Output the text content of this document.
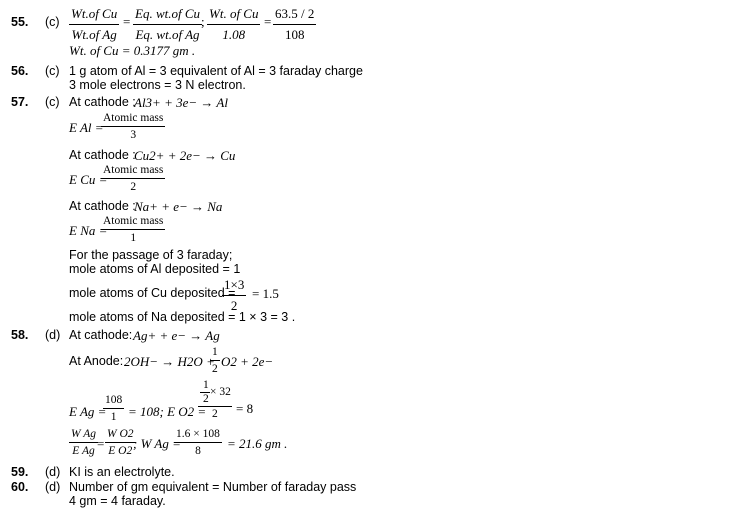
55. $(c) \frac{\text{Wt.of Cu}}{\text{Wt.of Ag}} = \frac{\text{Eq. wt.of Cu}}{\text{Eq. wt.of Ag}}$
; $\frac{\text{Wt. of Cu}}{1.08} = \frac{63.5 / 2}{108}$
Wt. of Cu = 0.3177 gm .
56. (c) 1 g atom of Al = 3 equivalent of Al = 3 faraday charge
3 mole electrons = 3 N electron.
57. (c) At cathode :
Al3+ + 3e− → Al
E Al =
Atomic mass
3
At cathode :
Cu2+ + 2e− → Cu
E Cu =
Atomic mass
2
At cathode :
Na+ + e− → Na
E Na =
Atomic mass
1
For the passage of 3 faraday;
mole atoms of Al deposited = 1
mole atoms of Cu deposited =
$\frac{1\times 3}{2} = 1.5$
mole atoms of Na deposited = 1 × 3 = 3 .
58. (d) At cathode: Ag+ + e− → Ag
At Anode: 2OH− → H2O +
$\frac{1}{2} O2 + 2e-$
E Ag =
$\frac{108}{1} = 108$; E O2 =
1
2
× 32
2 = 8
$\frac{\text{W Ag}}{\text{E Ag}}$
= $\frac{\text{W O2}}{\text{E O2}}$
; W Ag =
$\frac{1.6 \times 108}{8} = 21.6$ gm .
59. (d) KI is an electrolyte.
60. (d) Number of gm equivalent = Number of faraday pass
4 gm = 4 faraday.
